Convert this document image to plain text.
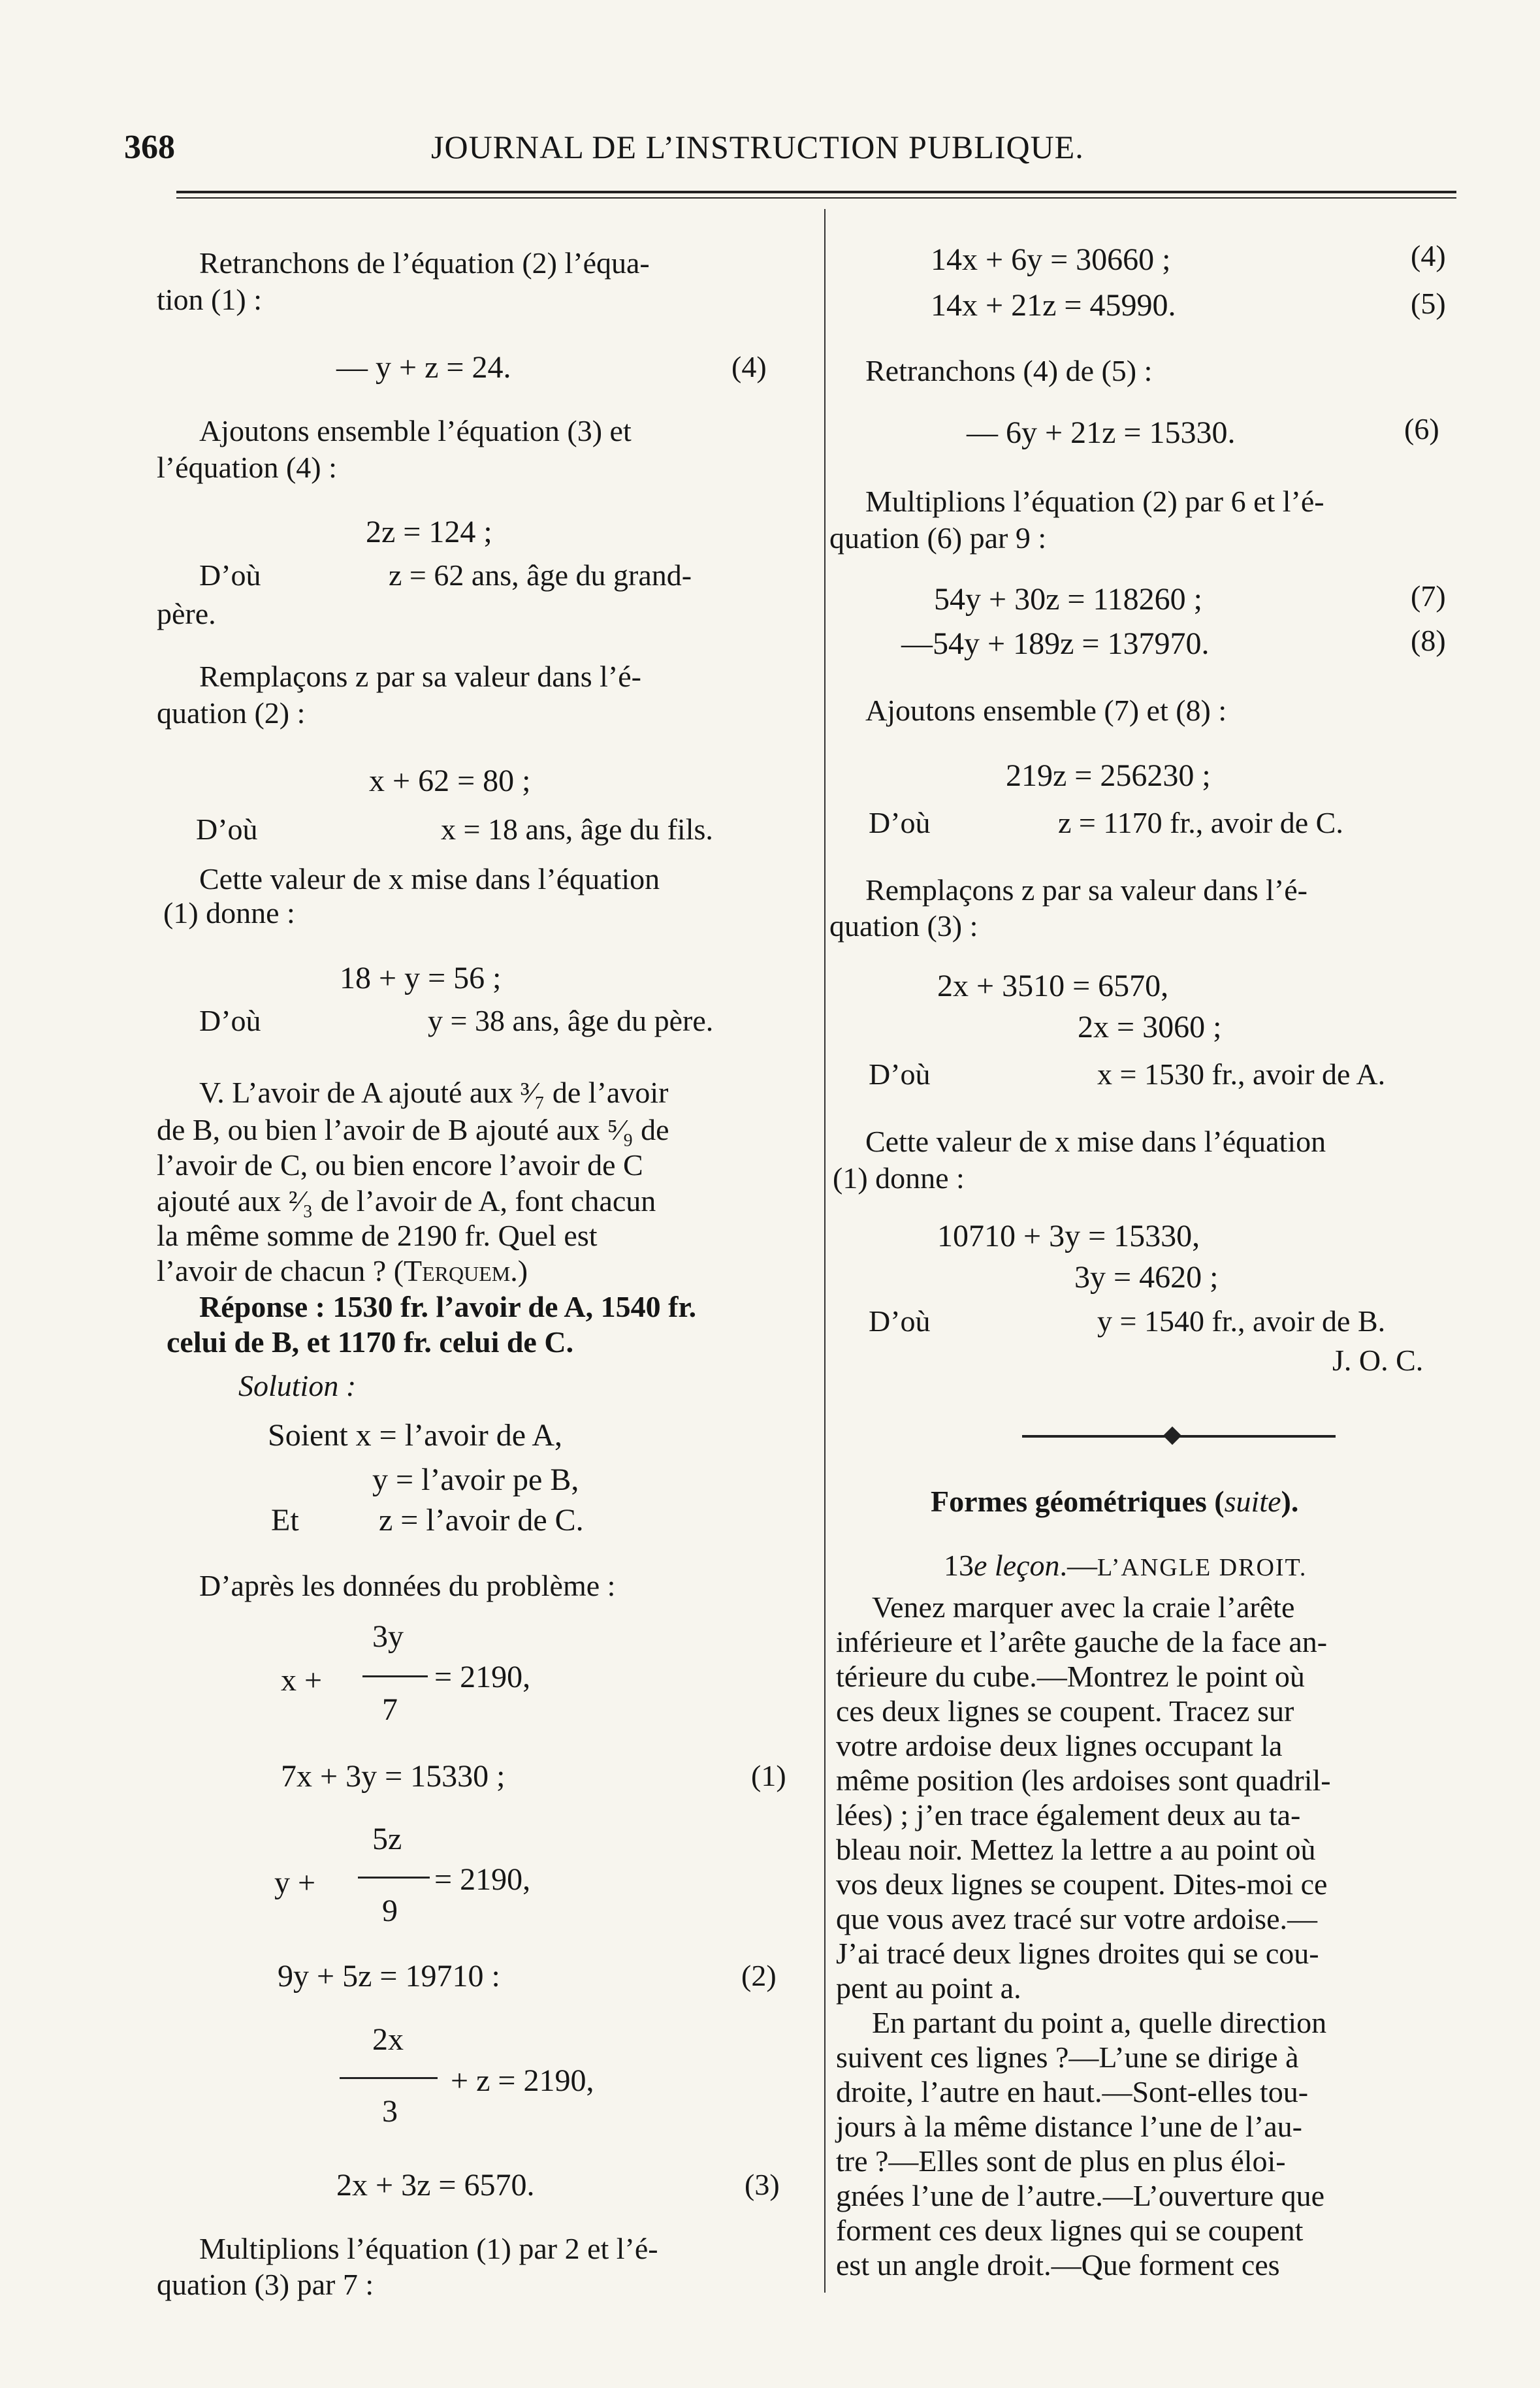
368	JOURNAL DE L’INSTRUCTION PUBLIQUE.
Retranchons de l’équation (2) l’équa-
tion (1) :
— y + z = 24.	(4)
Ajoutons ensemble l’équation (3) et
l’équation (4) :
2z = 124 ;
D’où	z = 62 ans, âge du grand-
père.
Remplaçons z par sa valeur dans l’é-
quation (2) :
x + 62 = 80 ;
D’où	x = 18 ans, âge du fils.
Cette valeur de x mise dans l’équation
(1) donne :
18 + y = 56 ;
D’où	y = 38 ans, âge du père.
V. L’avoir de A ajouté aux ³⁄₇ de l’avoir
de B, ou bien l’avoir de B ajouté aux ⁵⁄₉ de
l’avoir de C, ou bien encore l’avoir de C
ajouté aux ²⁄₃ de l’avoir de A, font chacun
la même somme de 2190 fr. Quel est
l’avoir de chacun ? (Terquem.)
Réponse : 1530 fr. l’avoir de A, 1540 fr.
celui de B, et 1170 fr. celui de C.
Solution :
Soient x = l’avoir de A,
y = l’avoir pe B,
Et	z = l’avoir de C.
D’après les données du problème :
x +
3y
7
= 2190,
7x + 3y = 15330 ;	(1)
y +
5z
9
= 2190,
9y + 5z = 19710 :	(2)
2x
3
+ z = 2190,
2x + 3z = 6570.	(3)
Multiplions l’équation (1) par 2 et l’é-
quation (3) par 7 :
14x + 6y = 30660 ;	(4)
14x + 21z = 45990.	(5)
Retranchons (4) de (5) :
— 6y + 21z = 15330.	(6)
Multiplions l’équation (2) par 6 et l’é-
quation (6) par 9 :
54y + 30z = 118260 ;	(7)
—54y + 189z = 137970.	(8)
Ajoutons ensemble (7) et (8) :
219z = 256230 ;
D’où	z = 1170 fr., avoir de C.
Remplaçons z par sa valeur dans l’é-
quation (3) :
2x + 3510 = 6570,
2x = 3060 ;
D’où	x = 1530 fr., avoir de A.
Cette valeur de x mise dans l’équation
(1) donne :
10710 + 3y = 15330,
3y = 4620 ;
D’où	y = 1540 fr., avoir de B.
J. O. C.
Formes géométriques (suite).
13e leçon.—L’ANGLE DROIT.
Venez marquer avec la craie l’arête
inférieure et l’arête gauche de la face an-
térieure du cube.—Montrez le point où
ces deux lignes se coupent. Tracez sur
votre ardoise deux lignes occupant la
même position (les ardoises sont quadril-
lées) ; j’en trace également deux au ta-
bleau noir. Mettez la lettre a au point où
vos deux lignes se coupent. Dites-moi ce
que vous avez tracé sur votre ardoise.—
J’ai tracé deux lignes droites qui se cou-
pent au point a.
En partant du point a, quelle direction
suivent ces lignes ?—L’une se dirige à
droite, l’autre en haut.—Sont-elles tou-
jours à la même distance l’une de l’au-
tre ?—Elles sont de plus en plus éloi-
gnées l’une de l’autre.—L’ouverture que
forment ces deux lignes qui se coupent
est un angle droit.—Que forment ces
